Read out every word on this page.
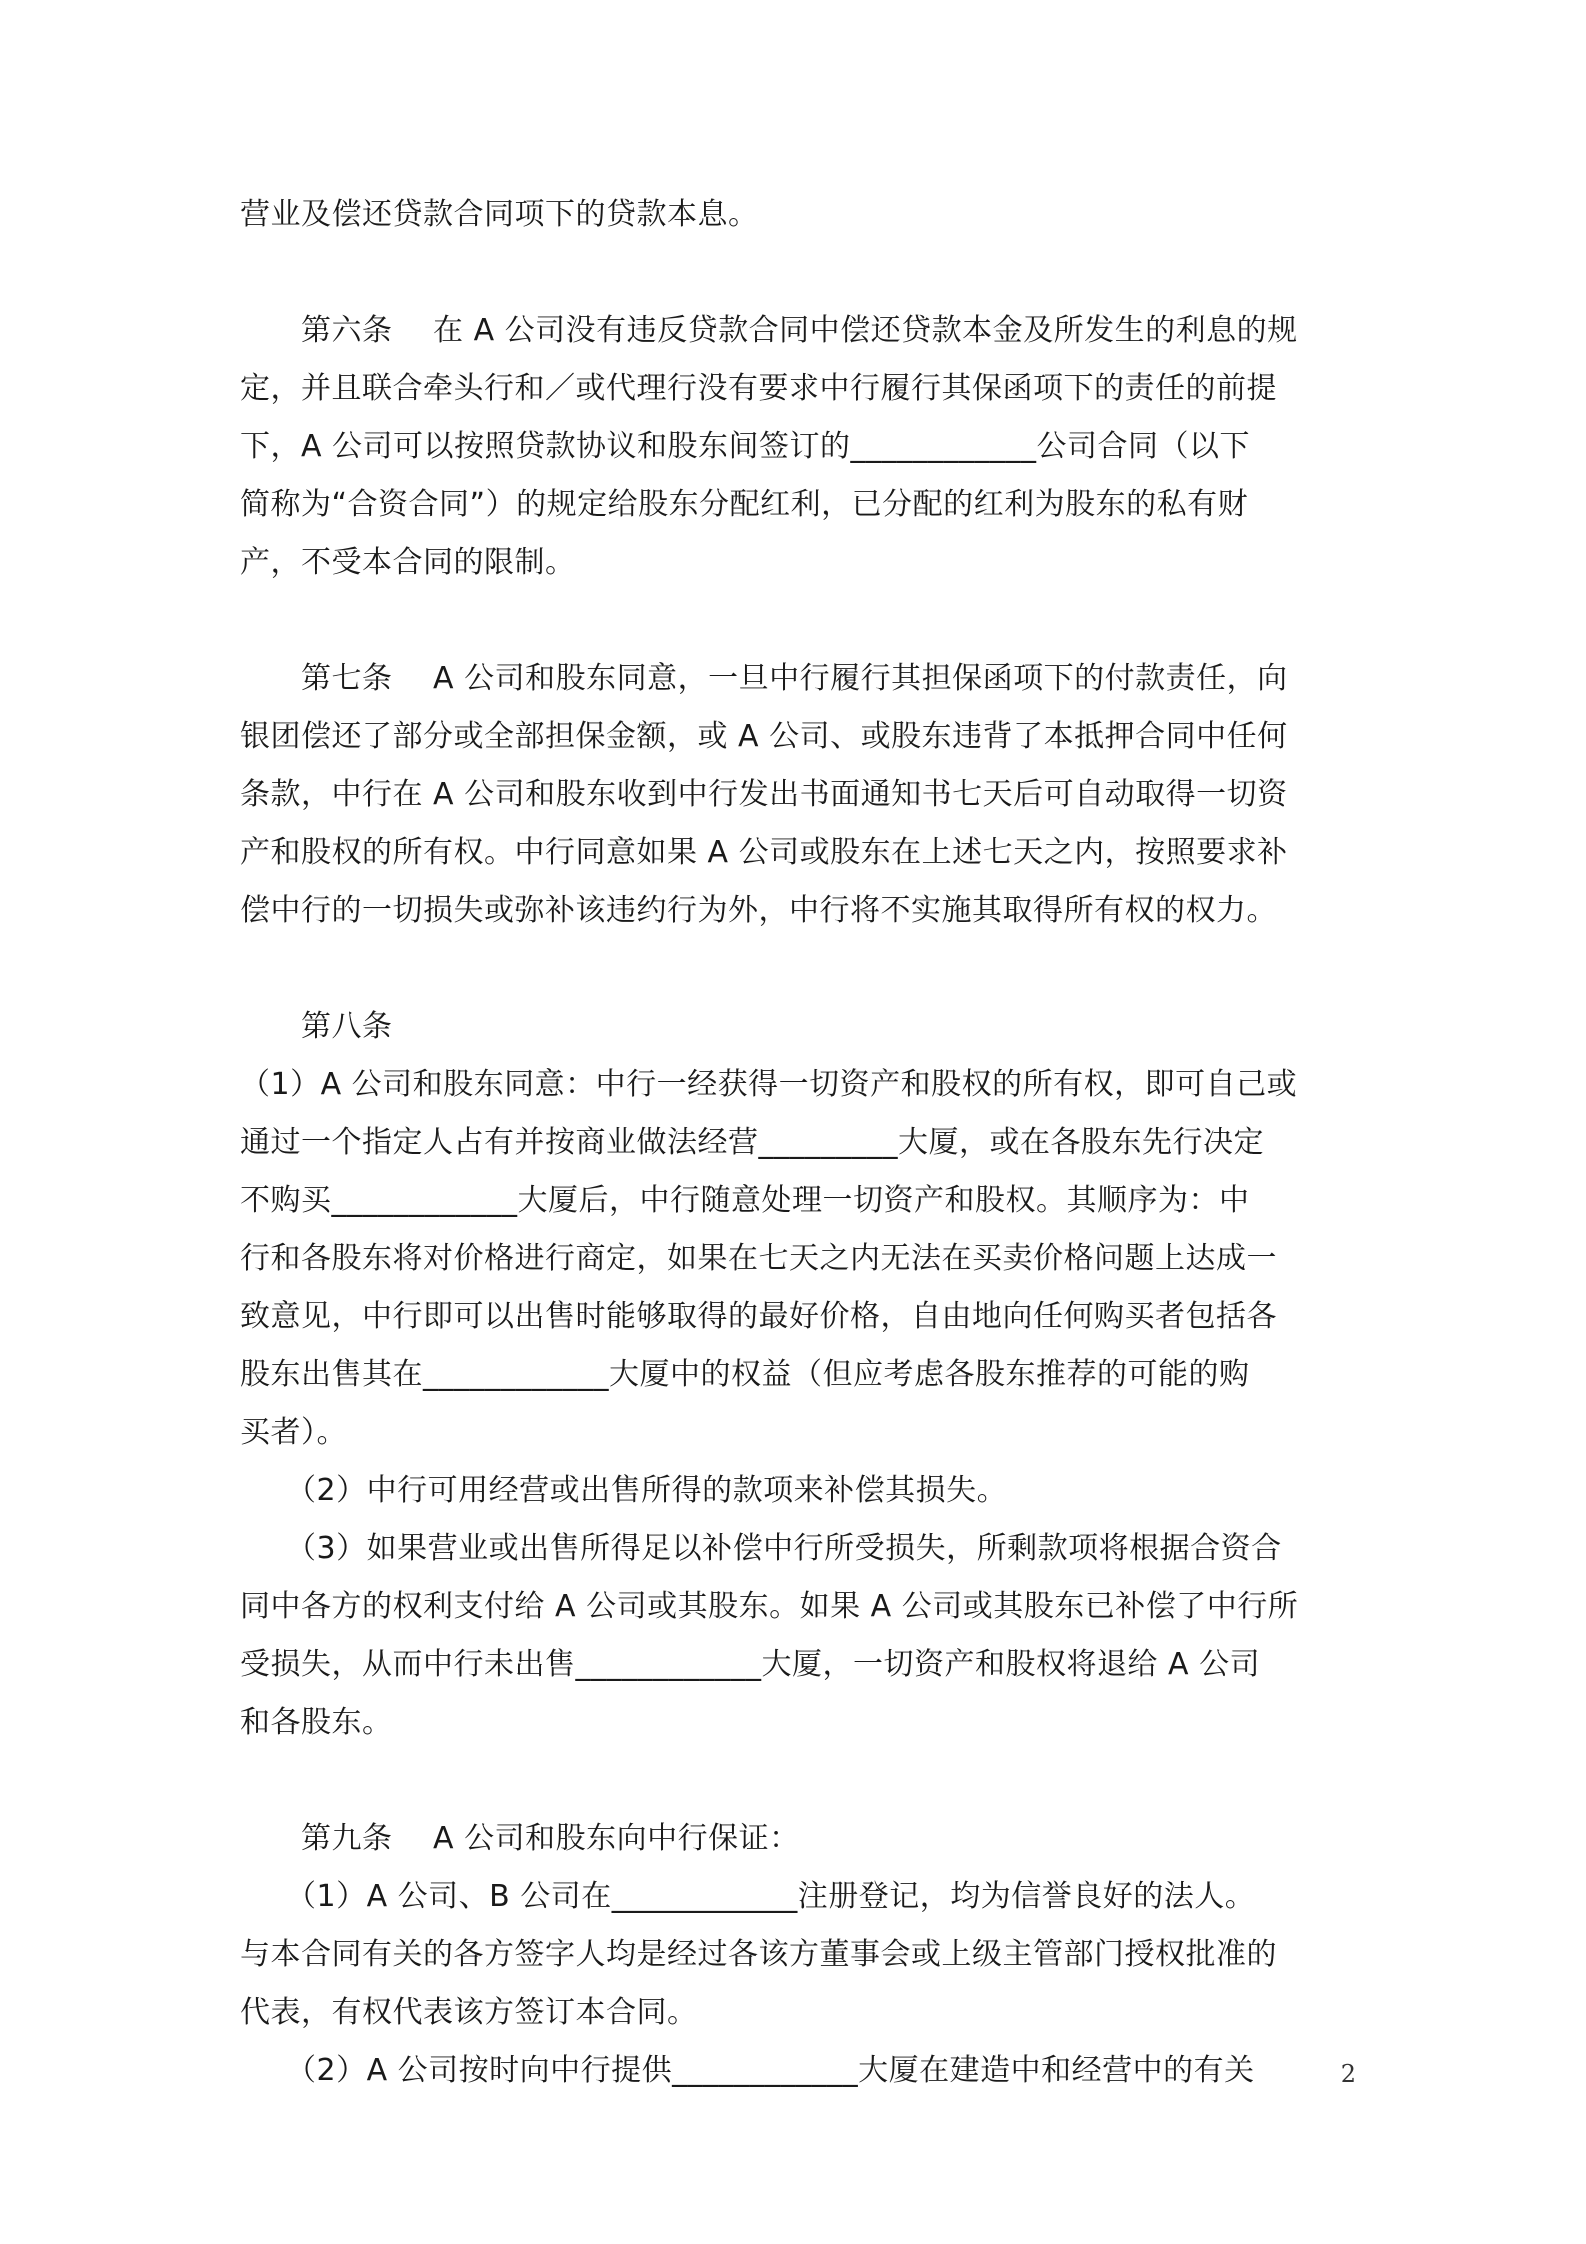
营业及偿还贷款合同项下的贷款本息。

　　第六条　 在 A 公司没有违反贷款合同中偿还贷款本金及所发生的利息的规
定，并且联合牵头行和／或代理行没有要求中行履行其保函项下的责任的前提
下，A 公司可以按照贷款协议和股东间签订的____________公司合同（以下
简称为“合资合同”）的规定给股东分配红利，已分配的红利为股东的私有财
产，不受本合同的限制。

　　第七条　 A 公司和股东同意，一旦中行履行其担保函项下的付款责任，向
银团偿还了部分或全部担保金额，或 A 公司、或股东违背了本抵押合同中任何
条款，中行在 A 公司和股东收到中行发出书面通知书七天后可自动取得一切资
产和股权的所有权。中行同意如果 A 公司或股东在上述七天之内，按照要求补
偿中行的一切损失或弥补该违约行为外，中行将不实施其取得所有权的权力。

　　第八条
（1）A 公司和股东同意：中行一经获得一切资产和股权的所有权，即可自己或
通过一个指定人占有并按商业做法经营_________大厦，或在各股东先行决定
不购买____________大厦后，中行随意处理一切资产和股权。其顺序为：中
行和各股东将对价格进行商定，如果在七天之内无法在买卖价格问题上达成一
致意见，中行即可以出售时能够取得的最好价格，自由地向任何购买者包括各
股东出售其在____________大厦中的权益（但应考虑各股东推荐的可能的购
买者）。
　　（2）中行可用经营或出售所得的款项来补偿其损失。
　　（3）如果营业或出售所得足以补偿中行所受损失，所剩款项将根据合资合
同中各方的权利支付给 A 公司或其股东。如果 A 公司或其股东已补偿了中行所
受损失，从而中行未出售____________大厦，一切资产和股权将退给 A 公司
和各股东。

　　第九条　 A 公司和股东向中行保证：
　　（1）A 公司、B 公司在____________注册登记，均为信誉良好的法人。
与本合同有关的各方签字人均是经过各该方董事会或上级主管部门授权批准的
代表，有权代表该方签订本合同。
　　（2）A 公司按时向中行提供____________大厦在建造中和经营中的有关	2
